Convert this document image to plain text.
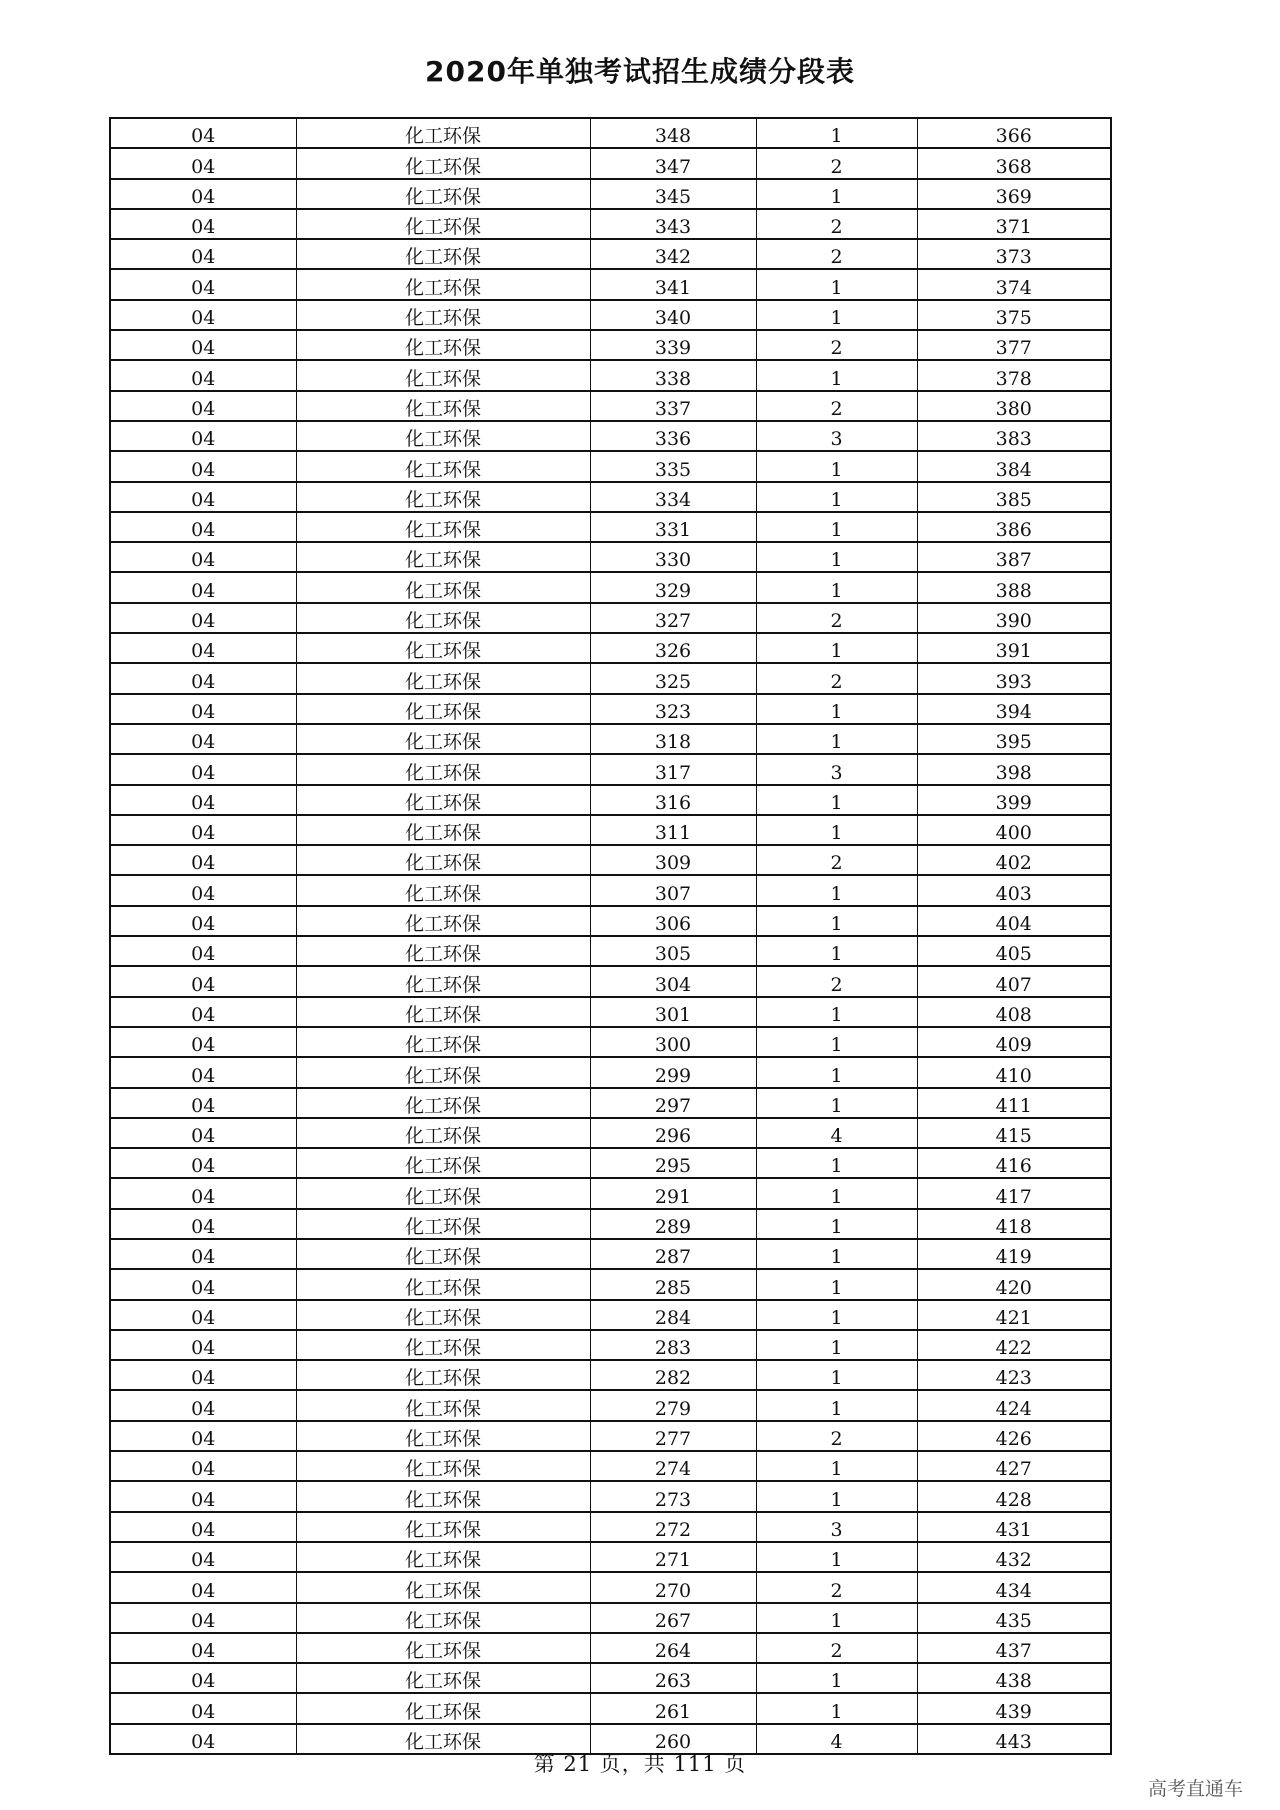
2020年单独考试招生成绩分段表
04	化工环保	348	1	366
04	化工环保	347	2	368
04	化工环保	345	1	369
04	化工环保	343	2	371
04	化工环保	342	2	373
04	化工环保	341	1	374
04	化工环保	340	1	375
04	化工环保	339	2	377
04	化工环保	338	1	378
04	化工环保	337	2	380
04	化工环保	336	3	383
04	化工环保	335	1	384
04	化工环保	334	1	385
04	化工环保	331	1	386
04	化工环保	330	1	387
04	化工环保	329	1	388
04	化工环保	327	2	390
04	化工环保	326	1	391
04	化工环保	325	2	393
04	化工环保	323	1	394
04	化工环保	318	1	395
04	化工环保	317	3	398
04	化工环保	316	1	399
04	化工环保	311	1	400
04	化工环保	309	2	402
04	化工环保	307	1	403
04	化工环保	306	1	404
04	化工环保	305	1	405
04	化工环保	304	2	407
04	化工环保	301	1	408
04	化工环保	300	1	409
04	化工环保	299	1	410
04	化工环保	297	1	411
04	化工环保	296	4	415
04	化工环保	295	1	416
04	化工环保	291	1	417
04	化工环保	289	1	418
04	化工环保	287	1	419
04	化工环保	285	1	420
04	化工环保	284	1	421
04	化工环保	283	1	422
04	化工环保	282	1	423
04	化工环保	279	1	424
04	化工环保	277	2	426
04	化工环保	274	1	427
04	化工环保	273	1	428
04	化工环保	272	3	431
04	化工环保	271	1	432
04	化工环保	270	2	434
04	化工环保	267	1	435
04	化工环保	264	2	437
04	化工环保	263	1	438
04	化工环保	261	1	439
04	化工环保	260	4	443
第 21 页，共 111 页
高考直通车
